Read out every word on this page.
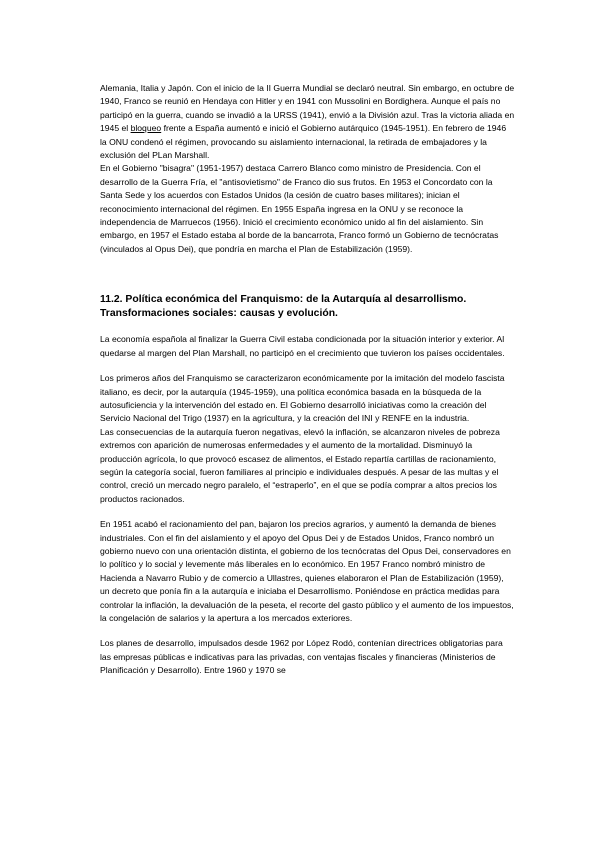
Alemania, Italia y Japón. Con el inicio de la II Guerra Mundial se declaró neutral. Sin embargo, en octubre de 1940, Franco se reunió en Hendaya con Hitler y en 1941 con Mussolini en Bordighera. Aunque el país no participó en la guerra, cuando se invadió a la URSS (1941), envió a la División azul. Tras la victoria aliada en 1945 el bloqueo frente a España aumentó e inició el Gobierno autárquico (1945-1951). En febrero de 1946 la ONU condenó el régimen, provocando su aislamiento internacional, la retirada de embajadores y la exclusión del PLan Marshall.

En el Gobierno "bisagra" (1951-1957) destaca Carrero Blanco como ministro de Presidencia. Con el desarrollo de la Guerra Fría, el "antisovietismo" de Franco dio sus frutos. En 1953 el Concordato con la Santa Sede y los acuerdos con Estados Unidos (la cesión de cuatro bases militares); inician el reconocimiento internacional del régimen. En 1955 España ingresa en la ONU y se reconoce la independencia de Marruecos (1956). Inició el crecimiento económico unido al fin del aislamiento. Sin embargo, en 1957 el Estado estaba al borde de la bancarrota, Franco formó un Gobierno de tecnócratas (vinculados al Opus Dei), que pondría en marcha el Plan de Estabilización (1959).

11.2. Política económica del Franquismo: de la Autarquía al desarrollismo. Transformaciones sociales: causas y evolución.

La economía española al finalizar la Guerra Civil estaba condicionada por la situación interior y exterior. Al quedarse al margen del Plan Marshall, no participó en el crecimiento que tuvieron los países occidentales.

Los primeros años del Franquismo se caracterizaron económicamente por la imitación del modelo fascista italiano, es decir, por la autarquía (1945-1959), una política económica basada en la búsqueda de la autosuficiencia y la intervención del estado en. El Gobierno desarrolló iniciativas como la creación del Servicio Nacional del Trigo (1937) en la agricultura, y la creación del INI y RENFE en la industria.

Las consecuencias de la autarquía fueron negativas, elevó la inflación, se alcanzaron niveles de pobreza extremos con aparición de numerosas enfermedades y el aumento de la mortalidad. Disminuyó la producción agrícola, lo que provocó escasez de alimentos, el Estado repartía cartillas de racionamiento, según la categoría social, fueron familiares al principio e individuales después. A pesar de las multas y el control, creció un mercado negro paralelo, el “estraperlo”, en el que se podía comprar a altos precios los productos racionados.

En 1951 acabó el racionamiento del pan, bajaron los precios agrarios, y aumentó la demanda de bienes industriales. Con el fin del aislamiento y el apoyo del Opus Dei y de Estados Unidos, Franco nombró un gobierno nuevo con una orientación distinta, el gobierno de los tecnócratas del Opus Dei, conservadores en lo político y lo social y levemente más liberales en lo económico. En 1957 Franco nombró ministro de Hacienda a Navarro Rubio y de comercio a Ullastres, quienes elaboraron el Plan de Estabilización (1959), un decreto que ponía fin a la autarquía e iniciaba el Desarrollismo. Poniéndose en práctica medidas para controlar la inflación, la devaluación de la peseta, el recorte del gasto público y el aumento de los impuestos, la congelación de salarios y la apertura a los mercados exteriores.

Los planes de desarrollo, impulsados desde 1962 por López Rodó, contenían directrices obligatorias para las empresas públicas e indicativas para las privadas, con ventajas fiscales y financieras (Ministerios de Planificación y Desarrollo). Entre 1960 y 1970 se
